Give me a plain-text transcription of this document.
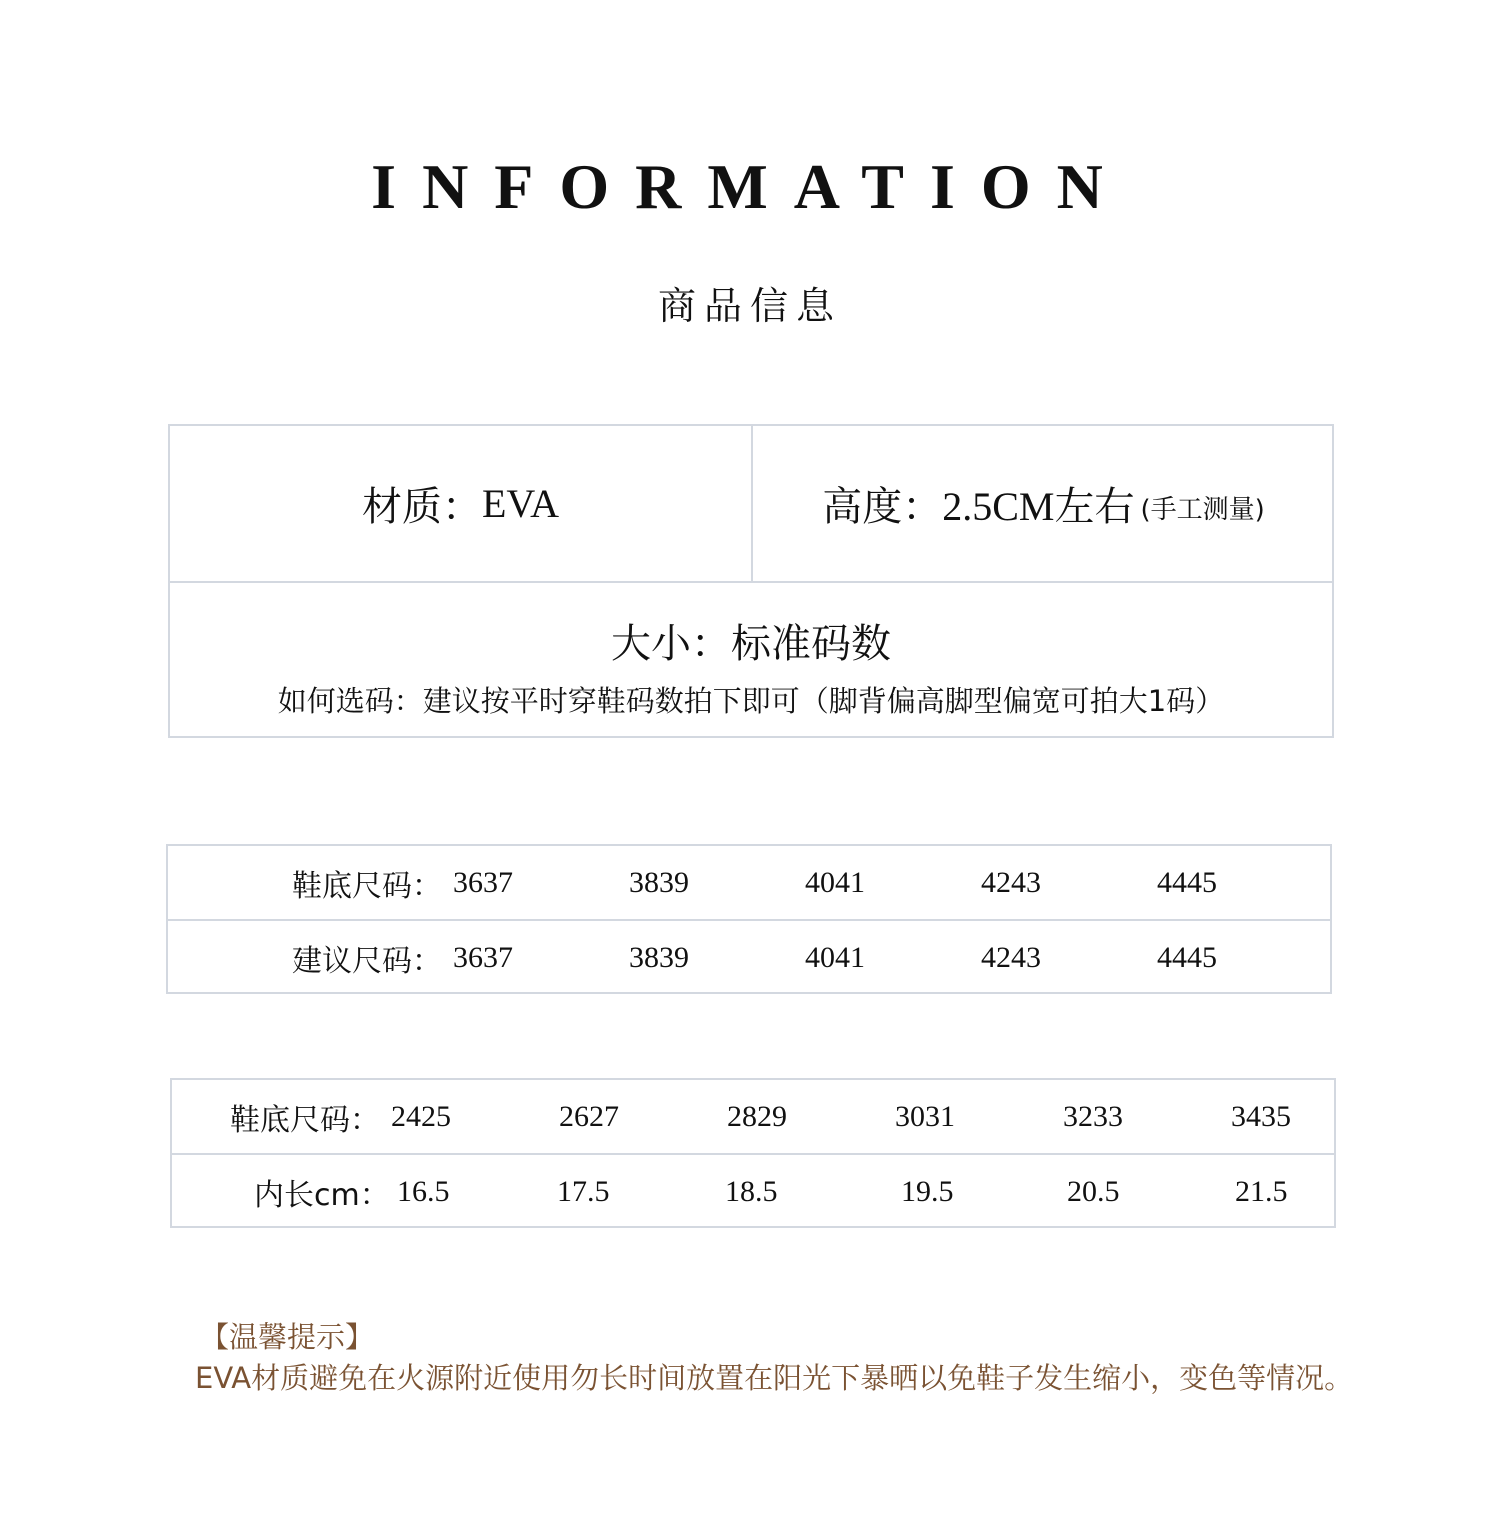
INFORMATION
商品信息
材质： EVA	高度： 2.5CM左右 (手工测量)
大小：标准码数
如何选码：建议按平时穿鞋码数拍下即可（脚背偏高脚型偏宽可拍大1码）
鞋底尺码： 3637	3839	4041	4243	4445
建议尺码： 3637	3839	4041	4243	4445
鞋底尺码： 2425	2627	2829	3031	3233	3435
内长cm： 16.5	17.5	18.5	19.5	20.5	21.5
【温馨提示】
EVA材质避免在火源附近使用勿长时间放置在阳光下暴晒以免鞋子发生缩小，变色等情况。
